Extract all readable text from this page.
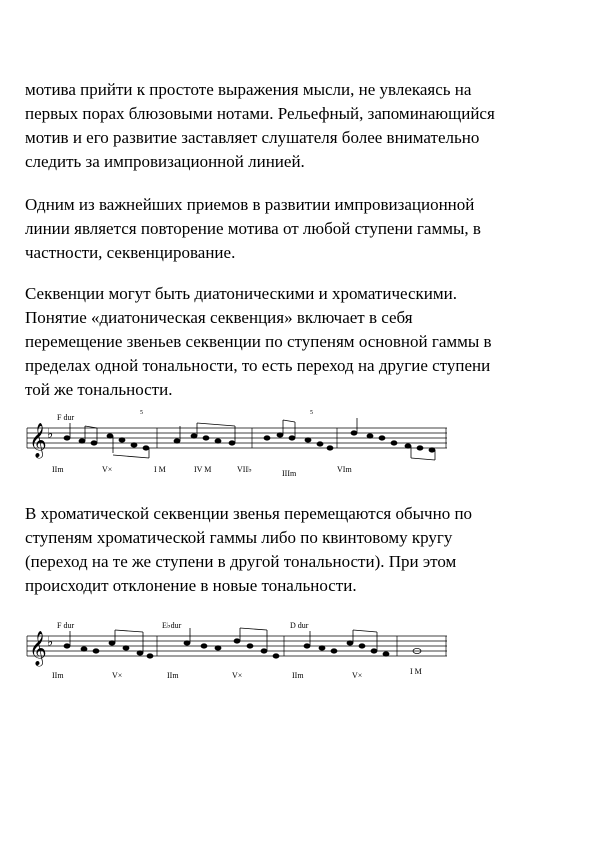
мотива прийти к простоте выражения мысли, не увлекаясь на
первых порах блюзовыми нотами. Рельефный, запоминающийся
мотив и его развитие заставляет слушателя более внимательно
следить за импровизационной линией.
Одним из важнейших приемов в развитии импровизационной
линии является повторение мотива от любой ступени гаммы, в
частности, секвенцирование.
Секвенции могут быть диатоническими и хроматическими.
Понятие «диатоническая секвенция» включает в себя
перемещение звеньев секвенции по ступеням основной гаммы в
пределах одной тональности, то есть переход на другие ступени
той же тональности.
𝄞 ♭
F dur	5	5
IIm	V×	I M	IV M	VII♭	IIIm	VIm
В хроматической секвенции звенья перемещаются обычно по
ступеням хроматической гаммы либо по квинтовому кругу
(переход на те же ступени в другой тональности). При этом
происходит отклонение в новые тональности.
𝄞 ♭
F dur	E♭dur	D dur
IIm	V×	IIm	V×	IIm	V×	I M
